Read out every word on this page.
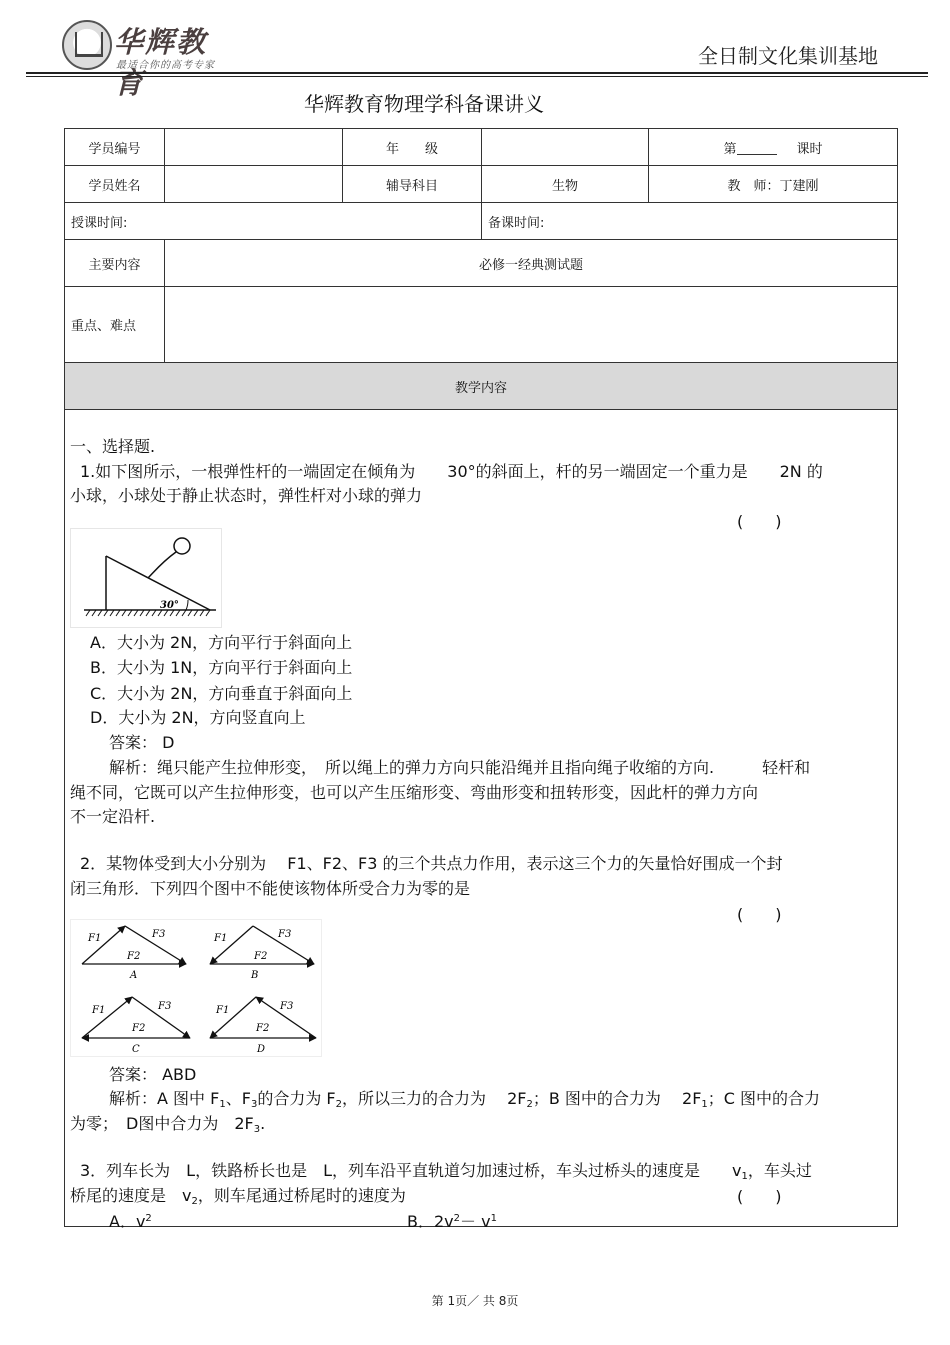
华辉教育
最适合你的高考专家	全日制文化集训基地
华辉教育物理学科备课讲义
学员编号	年　　级	第	课时
学员姓名	辅导科目	生物	教　师：丁建刚
授课时间:	备课时间:
主要内容	必修一经典测试题
重点、难点
教学内容
一、选择题.
1.如下图所示，一根弹性杆的一端固定在倾角为　　30°的斜面上，杆的另一端固定一个重力是　　2N 的
小球，小球处于静止状态时，弹性杆对小球的弹力
(　　)
30°
A．大小为 2N，方向平行于斜面向上
B．大小为 1N，方向平行于斜面向上
C．大小为 2N，方向垂直于斜面向上
D．大小为 2N，方向竖直向上
答案： D
解析：绳只能产生拉伸形变，　所以绳上的弹力方向只能沿绳并且指向绳子收缩的方向.　　　轻杆和
绳不同，它既可以产生拉伸形变，也可以产生压缩形变、弯曲形变和扭转形变，因此杆的弹力方向
不一定沿杆.
2．某物体受到大小分别为　 F1、F2、F3 的三个共点力作用，表示这三个力的矢量恰好围成一个封
闭三角形．下列四个图中不能使该物体所受合力为零的是
(　　)
F1	F3
F2
A
F1	F3
F2
B
F1	F3
F2
C
F1	F3
F2
D
答案： ABD
解析：A 图中 $F_1$、$F_3$的合力为 $F_2$，所以三力的合力为　 $2F_2$；B 图中的合力为　 $2F_1$；C 图中的合力
为零；　D图中合力为　$2F_3$.
3．列车长为　L，铁路桥长也是　L，列车沿平直轨道匀加速过桥，车头过桥头的速度是　　$v_1$，车头过
桥尾的速度是　$v_2$，则车尾通过桥尾时的速度为	(　　)
A．$v^2$	B．$2v^2- v^1$
第 1页／ 共 8页
